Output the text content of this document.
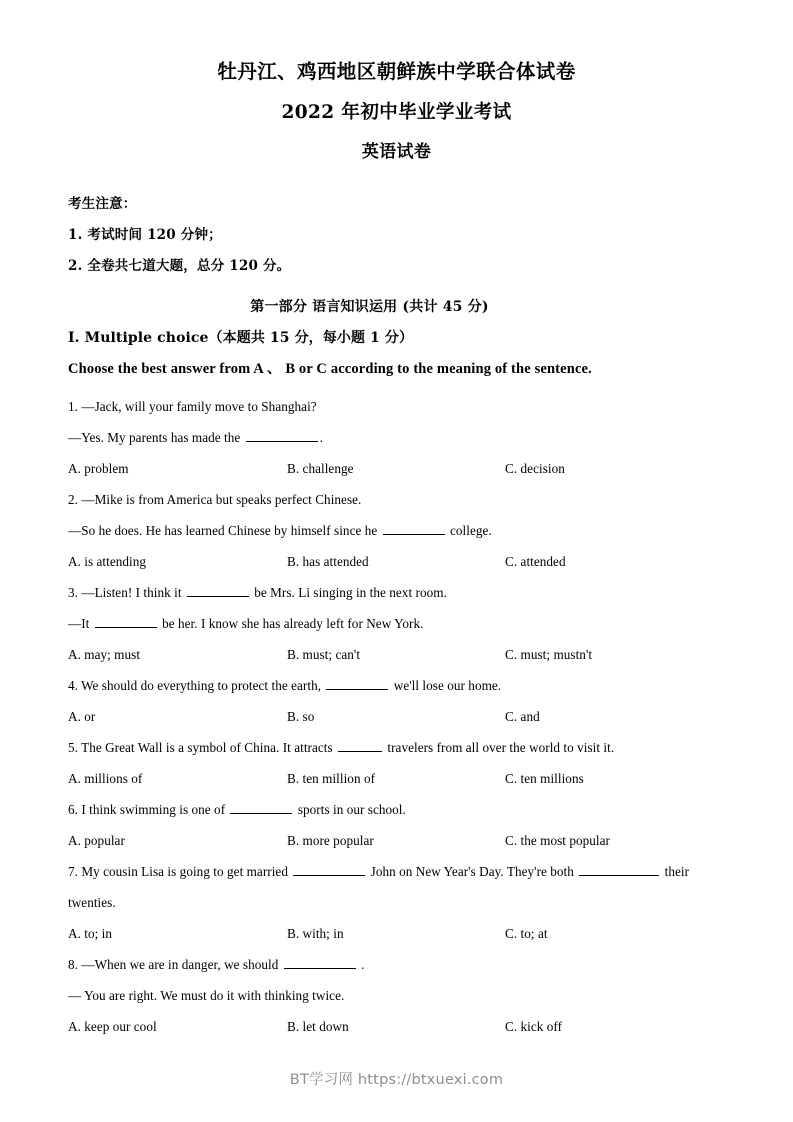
牡丹江、鸡西地区朝鲜族中学联合体试卷
2022 年初中毕业学业考试
英语试卷
考生注意：
1. 考试时间 120 分钟；
2. 全卷共七道大题，总分 120 分。
第一部分 语言知识运用 (共计 45 分)
I. Multiple choice（本题共 15 分，每小题 1 分）
Choose the best answer from A 、 B or C according to the meaning of the sentence.
1. —Jack, will your family move to Shanghai?
—Yes. My parents has made the	.
A. problem	B. challenge	C. decision
2. —Mike is from America but speaks perfect Chinese.
—So he does. He has learned Chinese by himself since he	college.
A. is attending	B. has attended	C. attended
3. —Listen! I think it	be Mrs. Li singing in the next room.
—It	be her. I know she has already left for New York.
A. may; must	B. must; can't	C. must; mustn't
4. We should do everything to protect the earth,	we'll lose our home.
A. or	B. so	C. and
5. The Great Wall is a symbol of China. It attracts	travelers from all over the world to visit it.
A. millions of	B. ten million of	C. ten millions
6. I think swimming is one of	sports in our school.
A. popular	B. more popular	C. the most popular
7. My cousin Lisa is going to get married	John on New Year's Day. They're both	their
twenties.
A. to; in	B. with; in	C. to; at
8. —When we are in danger, we should	.
— You are right. We must do it with thinking twice.
A. keep our cool	B. let down	C. kick off
BT学习网 https://btxuexi.com
